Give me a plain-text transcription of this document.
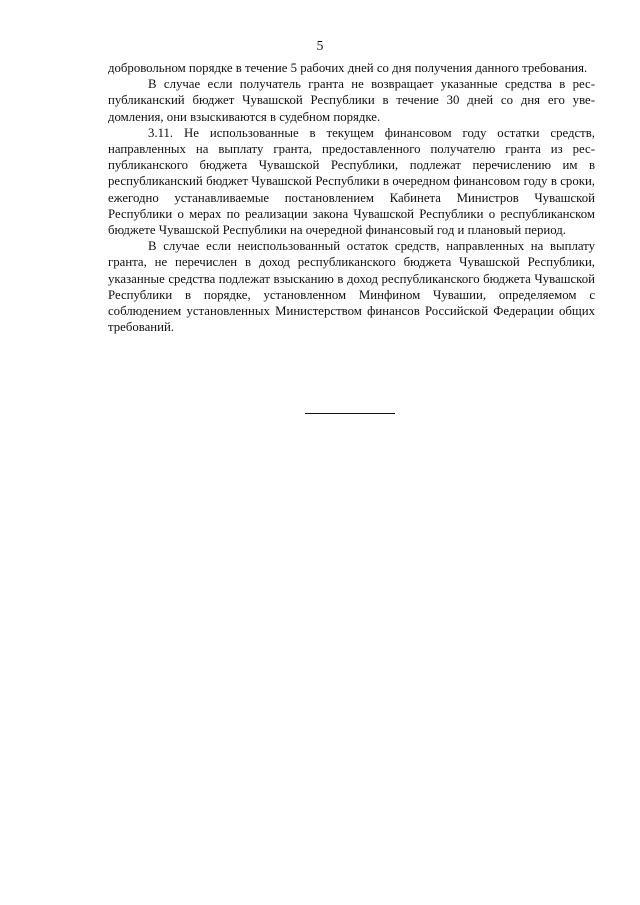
5

добровольном порядке в течение 5 рабочих дней со дня получения данного требования.

В случае если получатель гранта не возвращает указанные средства в республиканский бюджет Чувашской Республики в течение 30 дней со дня его уведомления, они взыскиваются в судебном порядке.

3.11. Не использованные в текущем финансовом году остатки средств, направленных на выплату гранта, предоставленного получателю гранта из республиканского бюджета Чувашской Республики, подлежат перечислению им в республиканский бюджет Чувашской Республики в очередном финансовом году в сроки, ежегодно устанавливаемые постановлением Кабинета Министров Чувашской Республики о мерах по реализации закона Чувашской Республики о республиканском бюджете Чувашской Республики на очередной финансовый год и плановый период.

В случае если неиспользованный остаток средств, направленных на выплату гранта, не перечислен в доход республиканского бюджета Чувашской Республики, указанные средства подлежат взысканию в доход республиканского бюджета Чувашской Республики в порядке, установленном Минфином Чувашии, определяемом с соблюдением установленных Министерством финансов Российской Федерации общих требований.
